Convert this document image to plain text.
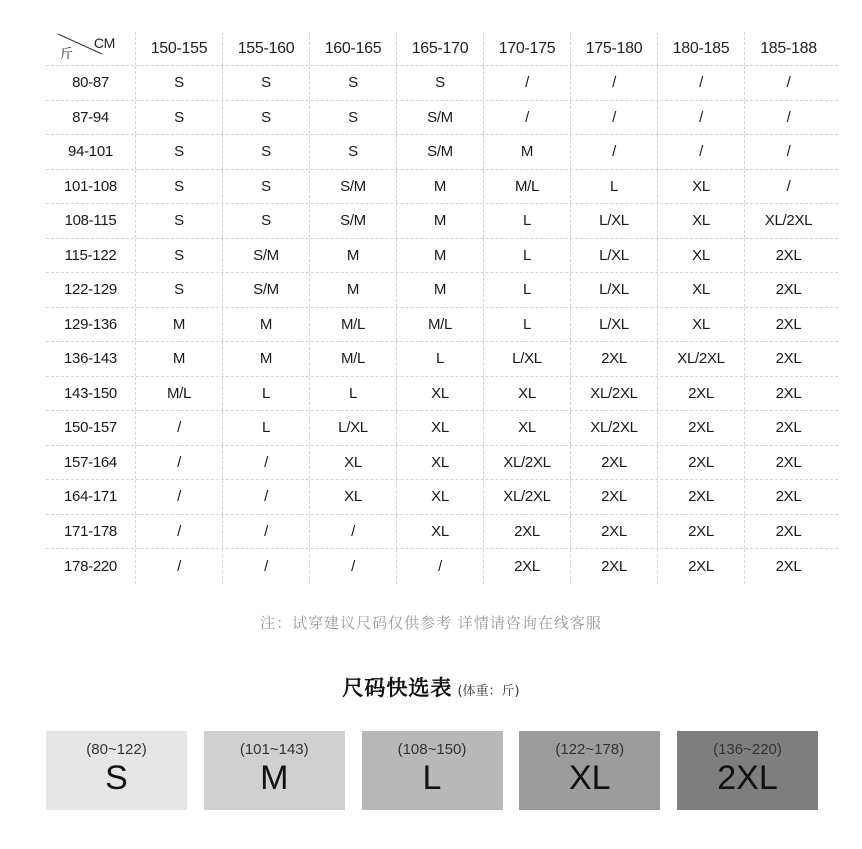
斤
CM	150-155	155-160	160-165	165-170	170-175	175-180	180-185	185-188
80-87	S	S	S	S	/	/	/	/
87-94	S	S	S	S/M	/	/	/	/
94-101	S	S	S	S/M	M	/	/	/
101-108	S	S	S/M	M	M/L	L	XL	/
108-115	S	S	S/M	M	L	L/XL	XL	XL/2XL
115-122	S	S/M	M	M	L	L/XL	XL	2XL
122-129	S	S/M	M	M	L	L/XL	XL	2XL
129-136	M	M	M/L	M/L	L	L/XL	XL	2XL
136-143	M	M	M/L	L	L/XL	2XL	XL/2XL	2XL
143-150	M/L	L	L	XL	XL	XL/2XL	2XL	2XL
150-157	/	L	L/XL	XL	XL	XL/2XL	2XL	2XL
157-164	/	/	XL	XL	XL/2XL	2XL	2XL	2XL
164-171	/	/	XL	XL	XL/2XL	2XL	2XL	2XL
171-178	/	/	/	XL	2XL	2XL	2XL	2XL
178-220	/	/	/	/	2XL	2XL	2XL	2XL
注：试穿建议尺码仅供参考 详情请咨询在线客服
尺码快选表 (体重：斤)
(80~122)
S
(101~143)
M
(108~150)
L
(122~178)
XL
(136~220)
2XL
